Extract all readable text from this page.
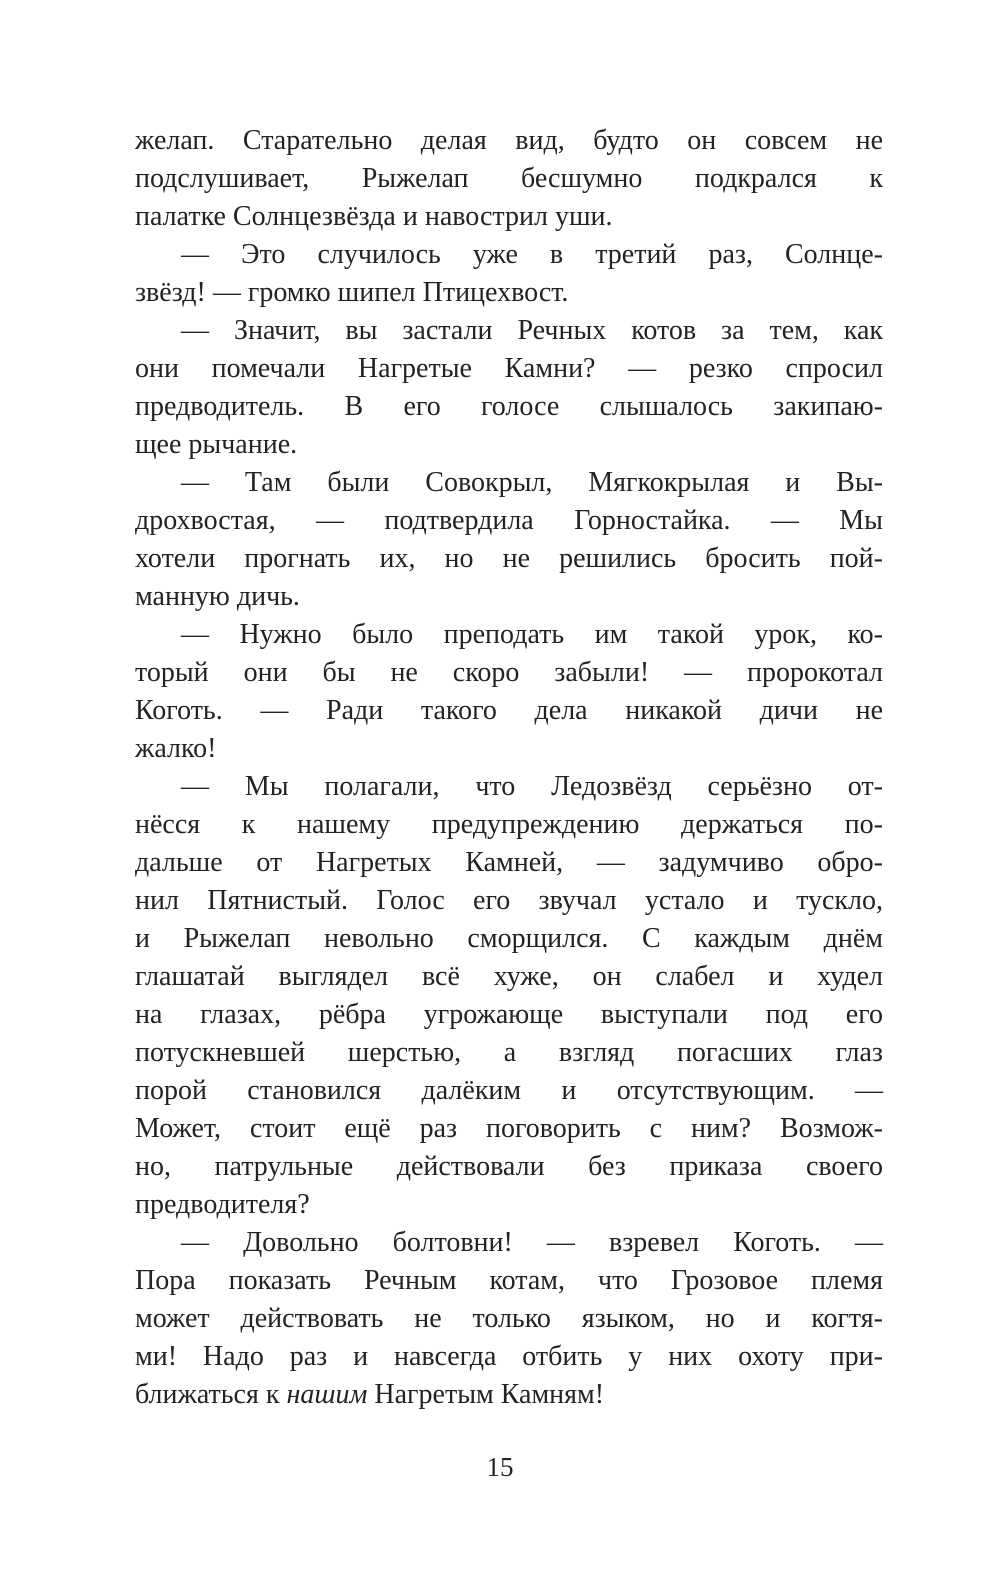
желап. Старательно делая вид, будто он совсем не
подслушивает, Рыжелап бесшумно подкрался к
палатке Солнцезвёзда и навострил уши.
— Это случилось уже в третий раз, Солнце-
звёзд! — громко шипел Птицехвост.
— Значит, вы застали Речных котов за тем, как
они помечали Нагретые Камни? — резко спросил
предводитель. В его голосе слышалось закипаю-
щее рычание.
— Там были Совокрыл, Мягкокрылая и Вы-
дрохвостая, — подтвердила Горностайка. — Мы
хотели прогнать их, но не решились бросить пой-
манную дичь.
— Нужно было преподать им такой урок, ко-
торый они бы не скоро забыли! — пророкотал
Коготь. — Ради такого дела никакой дичи не
жалко!
— Мы полагали, что Ледозвёзд серьёзно от-
нёсся к нашему предупреждению держаться по-
дальше от Нагретых Камней, — задумчиво обро-
нил Пятнистый. Голос его звучал устало и тускло,
и Рыжелап невольно сморщился. С каждым днём
глашатай выглядел всё хуже, он слабел и худел
на глазах, рёбра угрожающе выступали под его
потускневшей шерстью, а взгляд погасших глаз
порой становился далёким и отсутствующим. —
Может, стоит ещё раз поговорить с ним? Возмож-
но, патрульные действовали без приказа своего
предводителя?
— Довольно болтовни! — взревел Коготь. —
Пора показать Речным котам, что Грозовое племя
может действовать не только языком, но и когтя-
ми! Надо раз и навсегда отбить у них охоту при-
ближаться к нашим Нагретым Камням!
15
